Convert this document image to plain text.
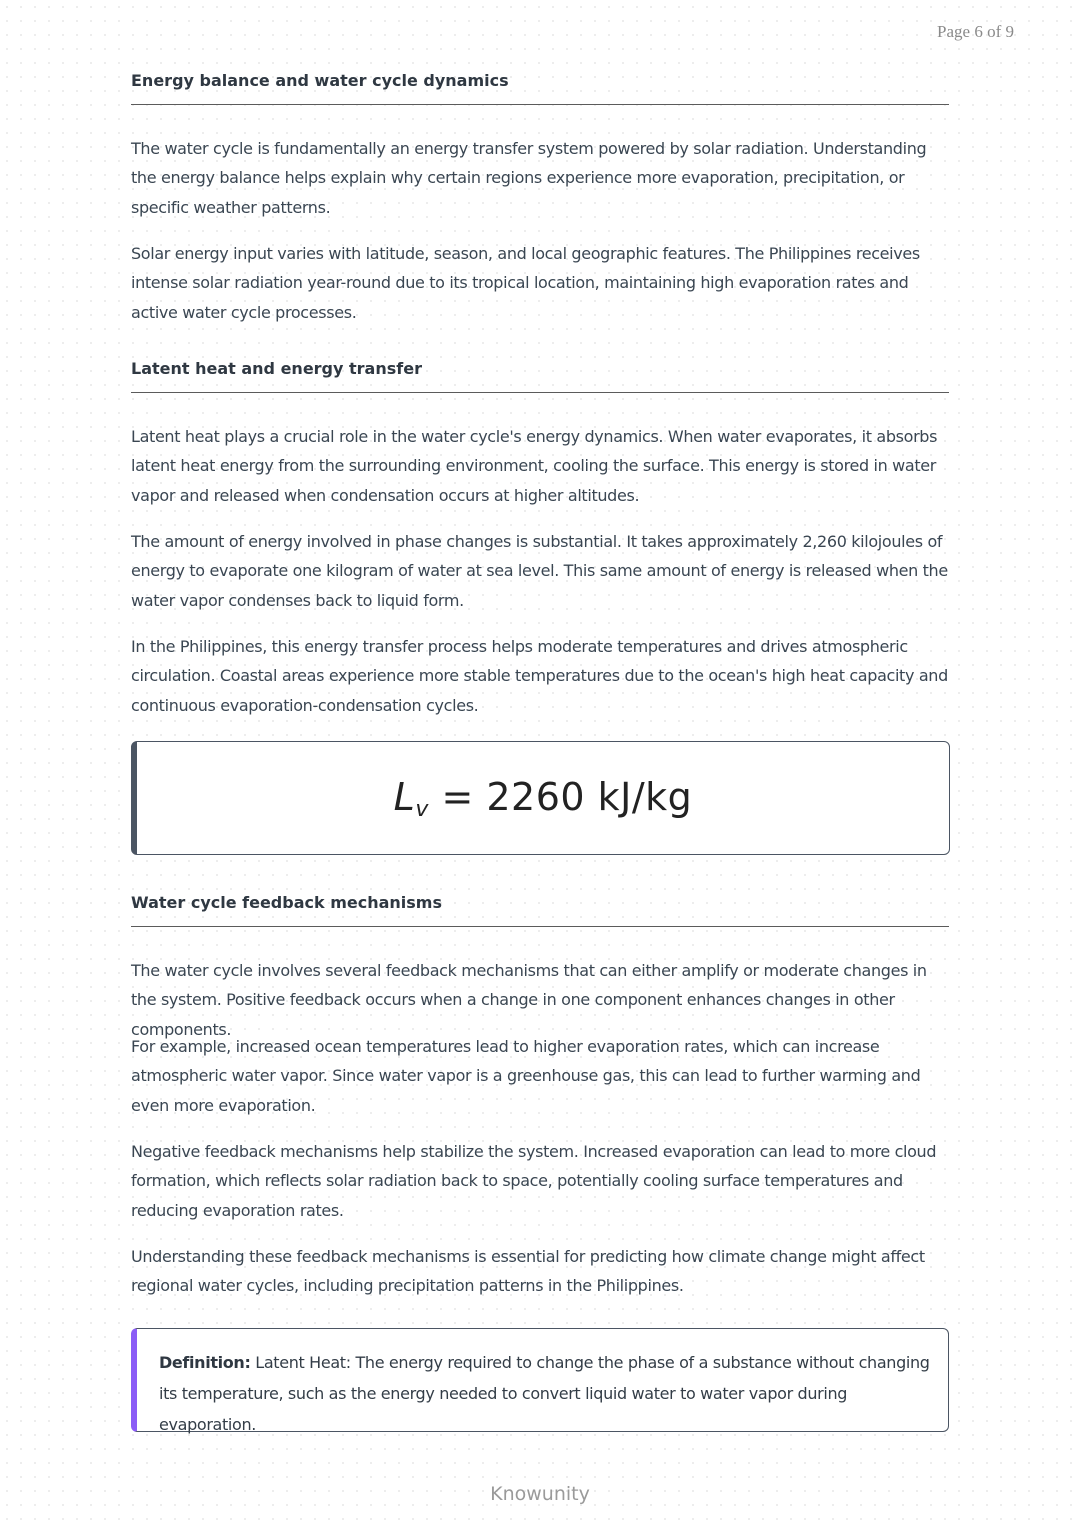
Page 6 of 9
Energy balance and water cycle dynamics
The water cycle is fundamentally an energy transfer system powered by solar radiation. Understanding the energy balance helps explain why certain regions experience more evaporation, precipitation, or specific weather patterns.
Solar energy input varies with latitude, season, and local geographic features. The Philippines receives intense solar radiation year-round due to its tropical location, maintaining high evaporation rates and active water cycle processes.
Latent heat and energy transfer
Latent heat plays a crucial role in the water cycle's energy dynamics. When water evaporates, it absorbs latent heat energy from the surrounding environment, cooling the surface. This energy is stored in water vapor and released when condensation occurs at higher altitudes.
The amount of energy involved in phase changes is substantial. It takes approximately 2,260 kilojoules of energy to evaporate one kilogram of water at sea level. This same amount of energy is released when the water vapor condenses back to liquid form.
In the Philippines, this energy transfer process helps moderate temperatures and drives atmospheric circulation. Coastal areas experience more stable temperatures due to the ocean's high heat capacity and continuous evaporation-condensation cycles.
$L_v = 2260$ kJ/kg
Water cycle feedback mechanisms
The water cycle involves several feedback mechanisms that can either amplify or moderate changes in the system. Positive feedback occurs when a change in one component enhances changes in other components.
For example, increased ocean temperatures lead to higher evaporation rates, which can increase atmospheric water vapor. Since water vapor is a greenhouse gas, this can lead to further warming and even more evaporation.
Negative feedback mechanisms help stabilize the system. Increased evaporation can lead to more cloud formation, which reflects solar radiation back to space, potentially cooling surface temperatures and reducing evaporation rates.
Understanding these feedback mechanisms is essential for predicting how climate change might affect regional water cycles, including precipitation patterns in the Philippines.
Definition: Latent Heat: The energy required to change the phase of a substance without changing its temperature, such as the energy needed to convert liquid water to water vapor during evaporation.
Knowunity
